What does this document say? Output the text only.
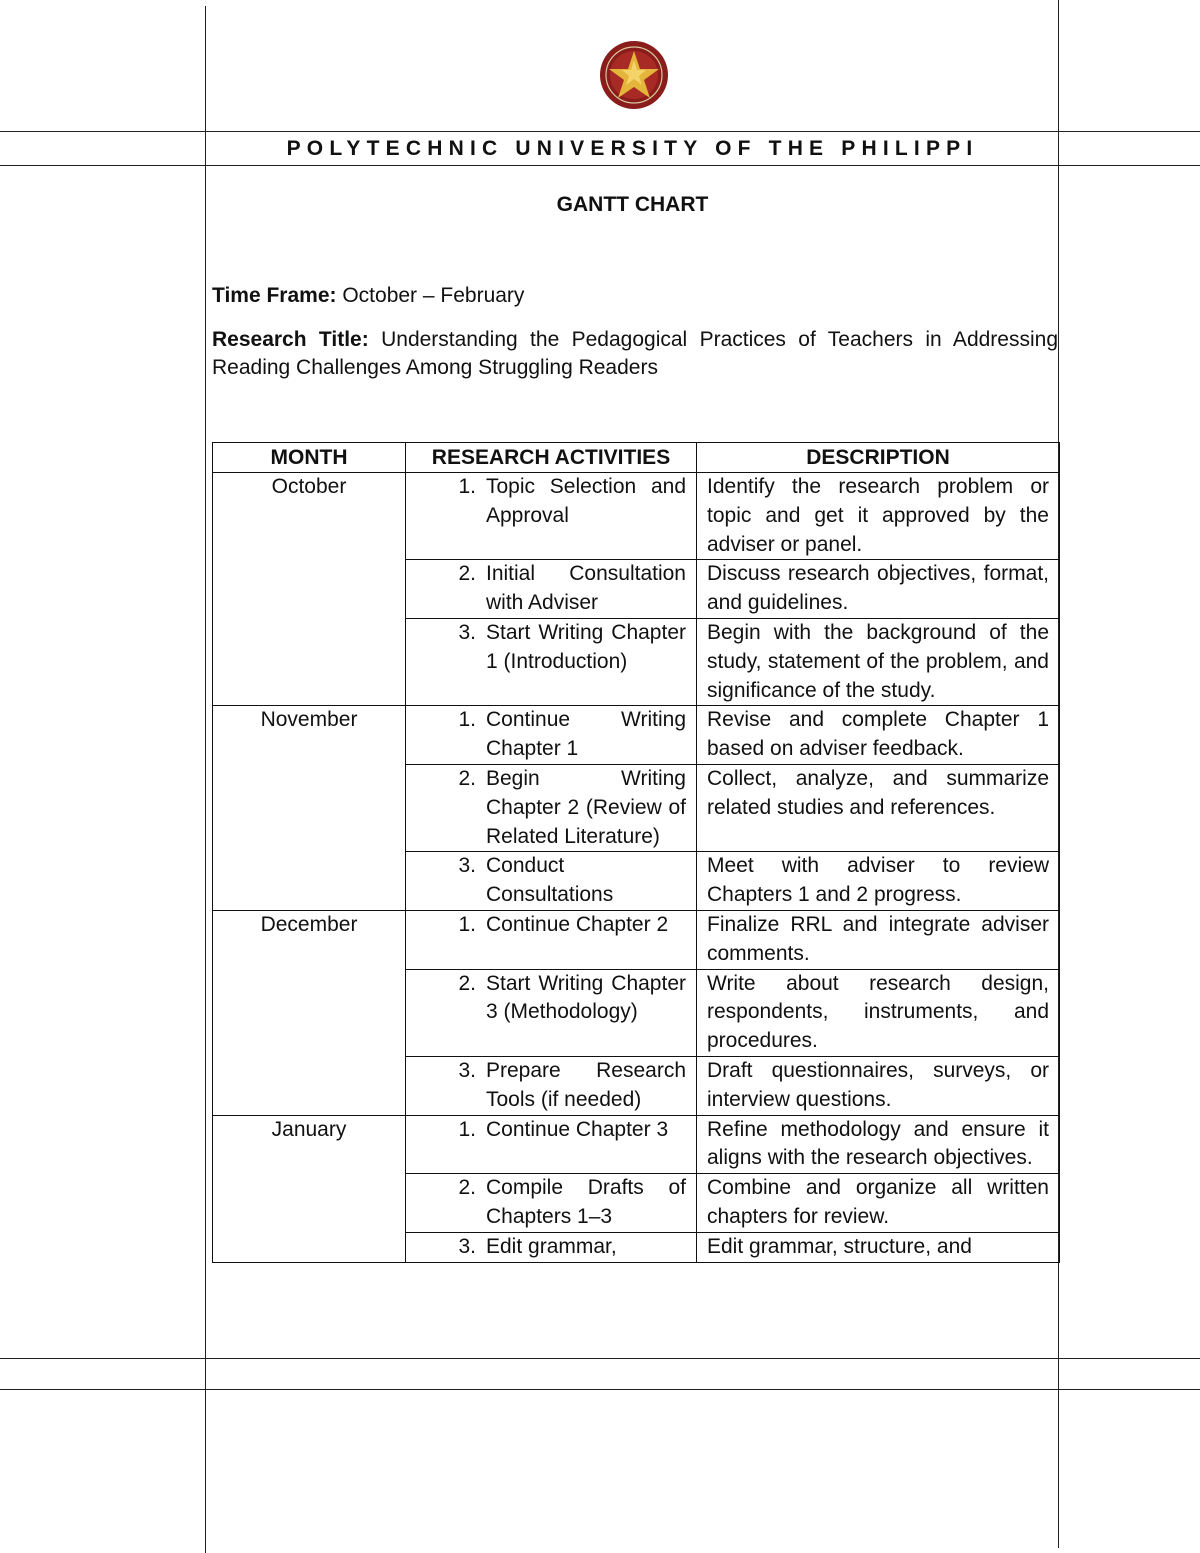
POLYTECHNIC UNIVERSITY OF THE PHILIPPI
GANTT CHART
Time Frame: October – February
Research Title: Understanding the Pedagogical Practices of Teachers in Addressing Reading Challenges Among Struggling Readers
MONTH	RESEARCH ACTIVITIES	DESCRIPTION
October	1. Topic Selection and Approval	Identify the research problem or topic and get it approved by the adviser or panel.

	2. Initial Consultation with Adviser	Discuss research objectives, format, and guidelines.

	3. Start Writing Chapter 1 (Introduction)	Begin with the background of the study, statement of the problem, and significance of the study.

November	1. Continue Writing Chapter 1	Revise and complete Chapter 1 based on adviser feedback.

	2. Begin Writing Chapter 2 (Review of Related Literature)	Collect, analyze, and summarize related studies and references.

	3. Conduct Consultations	Meet with adviser to review Chapters 1 and 2 progress.

December	1. Continue Chapter 2	Finalize RRL and integrate adviser comments.

	2. Start Writing Chapter 3 (Methodology)	Write about research design, respondents, instruments, and procedures.

	3. Prepare Research Tools (if needed)	Draft questionnaires, surveys, or interview questions.

January	1. Continue Chapter 3	Refine methodology and ensure it aligns with the research objectives.

	2. Compile Drafts of Chapters 1–3	Combine and organize all written chapters for review.

	3. Edit grammar,	Edit grammar, structure, and
